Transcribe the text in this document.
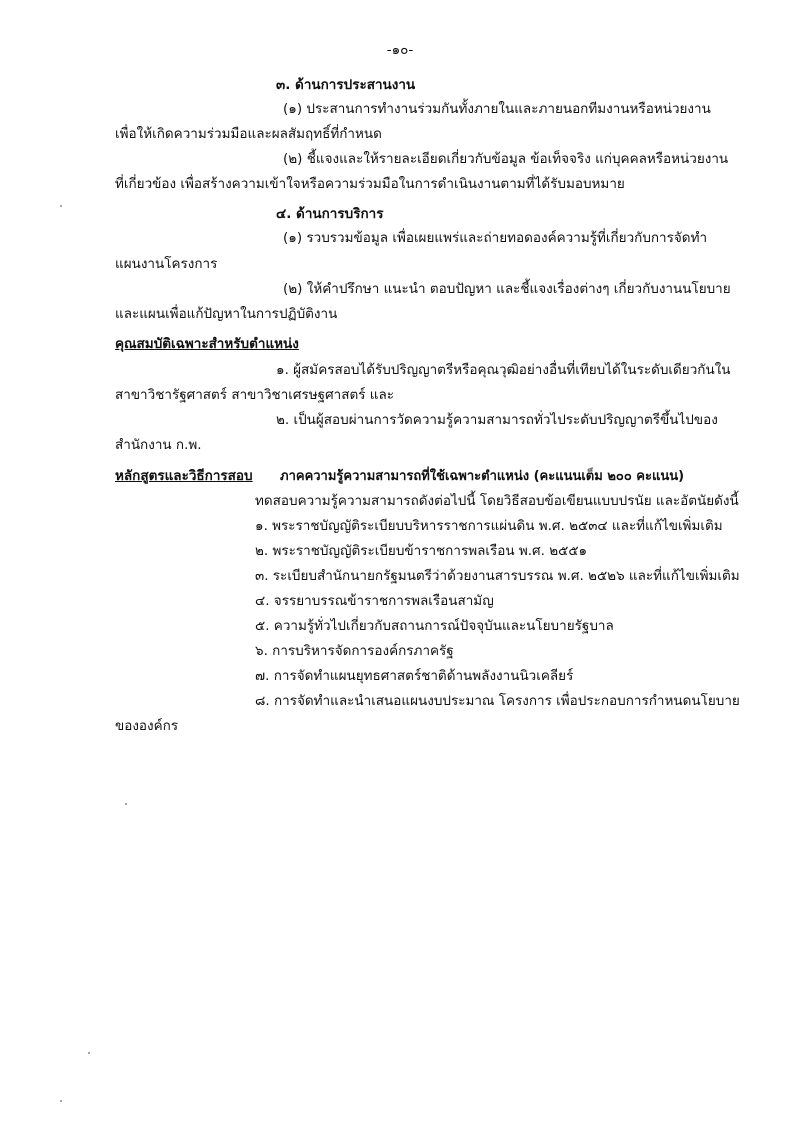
-๑๐-
๓. ด้านการประสานงาน
(๑) ประสานการทำงานร่วมกันทั้งภายในและภายนอกทีมงานหรือหน่วยงาน
เพื่อให้เกิดความร่วมมือและผลสัมฤทธิ์ที่กำหนด
(๒) ชี้แจงและให้รายละเอียดเกี่ยวกับข้อมูล ข้อเท็จจริง แก่บุคคลหรือหน่วยงาน
ที่เกี่ยวข้อง เพื่อสร้างความเข้าใจหรือความร่วมมือในการดำเนินงานตามที่ได้รับมอบหมาย
๔. ด้านการบริการ
(๑) รวบรวมข้อมูล เพื่อเผยแพร่และถ่ายทอดองค์ความรู้ที่เกี่ยวกับการจัดทำ
แผนงานโครงการ
(๒) ให้คำปรึกษา แนะนำ ตอบปัญหา และชี้แจงเรื่องต่างๆ เกี่ยวกับงานนโยบาย
และแผนเพื่อแก้ปัญหาในการปฏิบัติงาน
คุณสมบัติเฉพาะสำหรับตำแหน่ง
๑. ผู้สมัครสอบได้รับปริญญาตรีหรือคุณวุฒิอย่างอื่นที่เทียบได้ในระดับเดียวกันใน
สาขาวิชารัฐศาสตร์ สาขาวิชาเศรษฐศาสตร์ และ
๒. เป็นผู้สอบผ่านการวัดความรู้ความสามารถทั่วไประดับปริญญาตรีขึ้นไปของ
สำนักงาน ก.พ.
หลักสูตรและวิธีการสอบ ภาคความรู้ความสามารถที่ใช้เฉพาะตำแหน่ง (คะแนนเต็ม ๒๐๐ คะแนน)
ทดสอบความรู้ความสามารถดังต่อไปนี้ โดยวิธีสอบข้อเขียนแบบปรนัย และอัตนัยดังนี้
๑. พระราชบัญญัติระเบียบบริหารราชการแผ่นดิน พ.ศ. ๒๕๓๔ และที่แก้ไขเพิ่มเติม
๒. พระราชบัญญัติระเบียบข้าราชการพลเรือน พ.ศ. ๒๕๕๑
๓. ระเบียบสำนักนายกรัฐมนตรีว่าด้วยงานสารบรรณ พ.ศ. ๒๕๒๖ และที่แก้ไขเพิ่มเติม
๔. จรรยาบรรณข้าราชการพลเรือนสามัญ
๕. ความรู้ทั่วไปเกี่ยวกับสถานการณ์ปัจจุบันและนโยบายรัฐบาล
๖. การบริหารจัดการองค์กรภาครัฐ
๗. การจัดทำแผนยุทธศาสตร์ชาติด้านพลังงานนิวเคลียร์
๘. การจัดทำและนำเสนอแผนงบประมาณ โครงการ เพื่อประกอบการกำหนดนโยบาย
ขององค์กร
